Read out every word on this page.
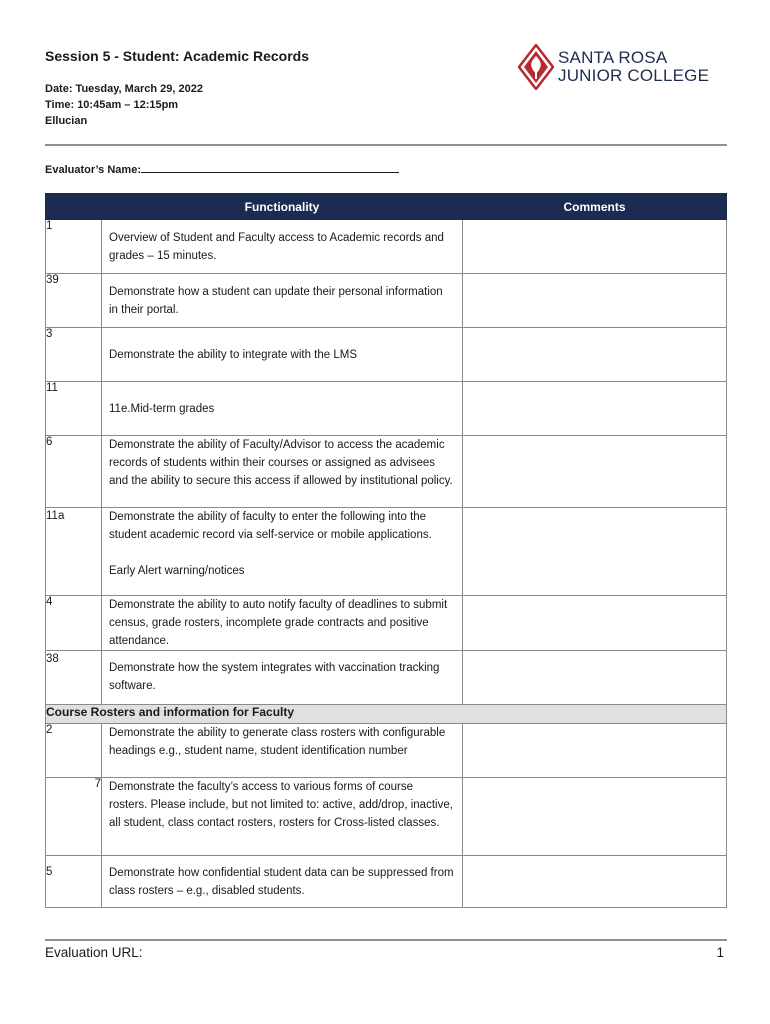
Session 5 - Student: Academic Records
Date: Tuesday, March 29, 2022
Time: 10:45am – 12:15pm
Ellucian
SANTA ROSA
JUNIOR COLLEGE
Evaluator’s Name:
	Functionality	Comments
1	Overview of Student and Faculty access to Academic records and grades – 15 minutes.	

39	Demonstrate how a student can update their personal information in their portal.	

3	Demonstrate the ability to integrate with the LMS	

11	11e.Mid-term grades	

6	Demonstrate the ability of Faculty/Advisor to access the academic records of students within their courses or assigned as advisees and the ability to secure this access if allowed by institutional policy.	

11a	Demonstrate the ability of faculty to enter the following into the student academic record via self-service or mobile applications.
Early Alert warning/notices	

4	Demonstrate the ability to auto notify faculty of deadlines to submit census, grade rosters, incomplete grade contracts and positive attendance.	

38	Demonstrate how the system integrates with vaccination tracking software.	

Course Rosters and information for Faculty		
2	Demonstrate the ability to generate class rosters with configurable headings e.g., student name, student identification number	

7	Demonstrate the faculty’s access to various forms of course rosters. Please include, but not limited to: active, add/drop, inactive, all student, class contact rosters, rosters for Cross-listed classes.	

5	Demonstrate how confidential student data can be suppressed from class rosters – e.g., disabled students.	

Evaluation URL:	1
